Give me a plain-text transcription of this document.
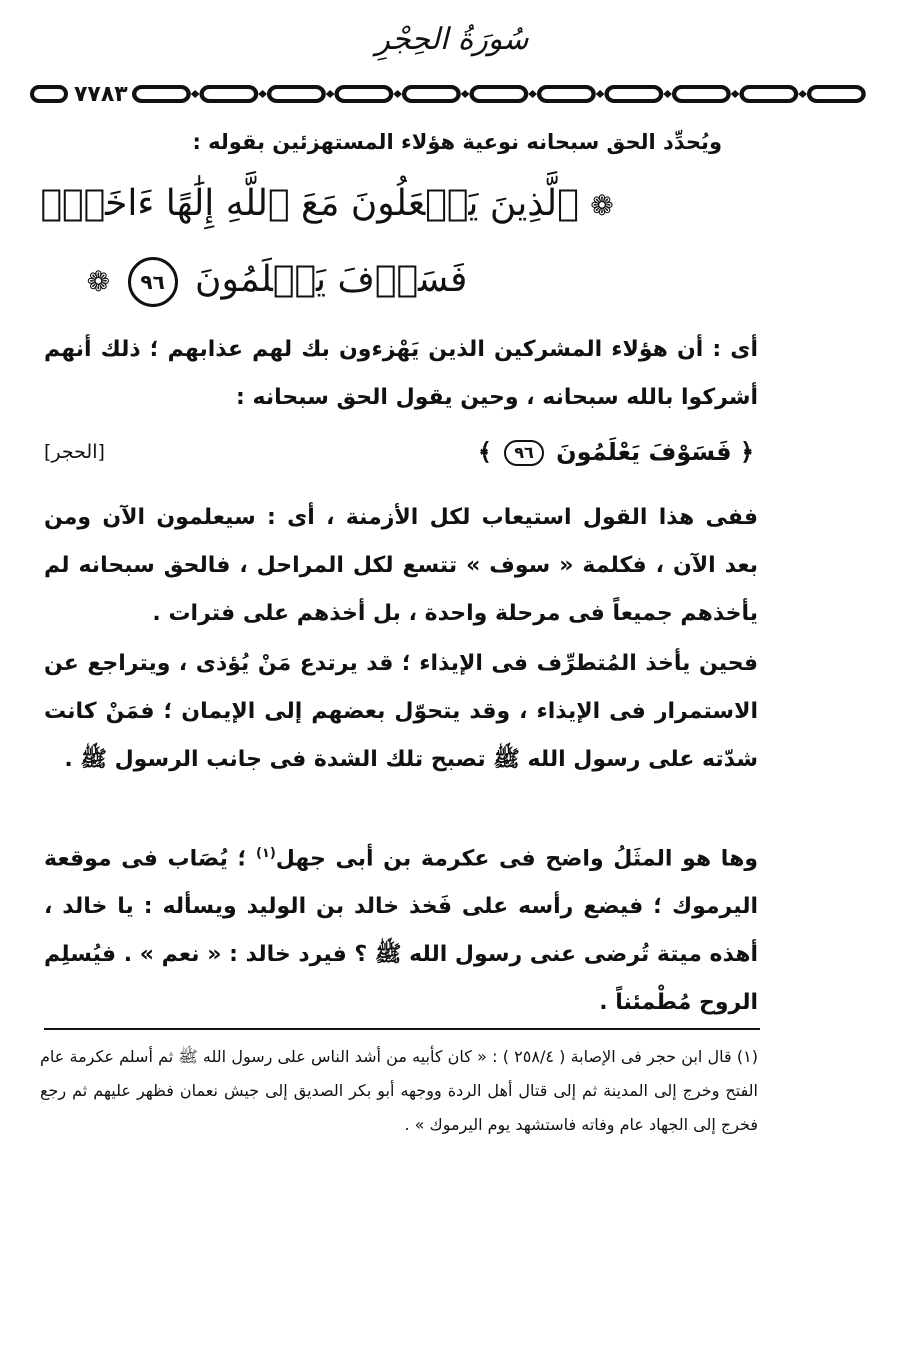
سُورَةُ الحِجْرِ
٧٧٨٣
ويُحدِّد الحق سبحانه نوعية هؤلاء المستهزئين بقوله :
❁ ٱلَّذِينَ يَجۡعَلُونَ مَعَ ٱللَّهِ إِلَٰهًا ءَاخَرَۚ
فَسَوۡفَ يَعۡلَمُونَ ٩٦ ❁
أى : أن هؤلاء المشركين الذين يَهْزءون بك لهم عذابهم ؛ ذلك أنهم أشركوا بالله سبحانه ، وحين يقول الحق سبحانه :
﴿ فَسَوْفَ يَعْلَمُونَ ٩٦ ﴾
[الحجر]
ففى هذا القول استيعاب لكل الأزمنة ، أى : سيعلمون الآن ومن بعد الآن ، فكلمة « سوف » تتسع لكل المراحل ، فالحق سبحانه لم يأخذهم جميعاً فى مرحلة واحدة ، بل أخذهم على فترات .
فحين يأخذ المُتطرِّف فى الإيذاء ؛ قد يرتدع مَنْ يُؤذى ، ويتراجع عن الاستمرار فى الإيذاء ، وقد يتحوّل بعضهم إلى الإيمان ؛ فمَنْ كانت شدّته على رسول الله ﷺ تصبح تلك الشدة فى جانب الرسول ﷺ .
وها هو المثَلُ واضح فى عكرمة بن أبى جهل$^{(١)}$ ؛ يُصَاب فى موقعة اليرموك ؛ فيضع رأسه على فَخذ خالد بن الوليد ويسأله : يا خالد ، أهذه ميتة تُرضى عنى رسول الله ﷺ ؟ فيرد خالد : « نعم » . فيُسلِم الروح مُطْمئناً .
(١) قال ابن حجر فى الإصابة ( ٢٥٨/٤ ) : « كان كأبيه من أشد الناس على رسول الله ﷺ ثم أسلم عكرمة عام الفتح وخرج إلى المدينة ثم إلى قتال أهل الردة ووجهه أبو بكر الصديق إلى جيش نعمان فظهر عليهم ثم رجع فخرج إلى الجهاد عام وفاته فاستشهد يوم اليرموك » .
